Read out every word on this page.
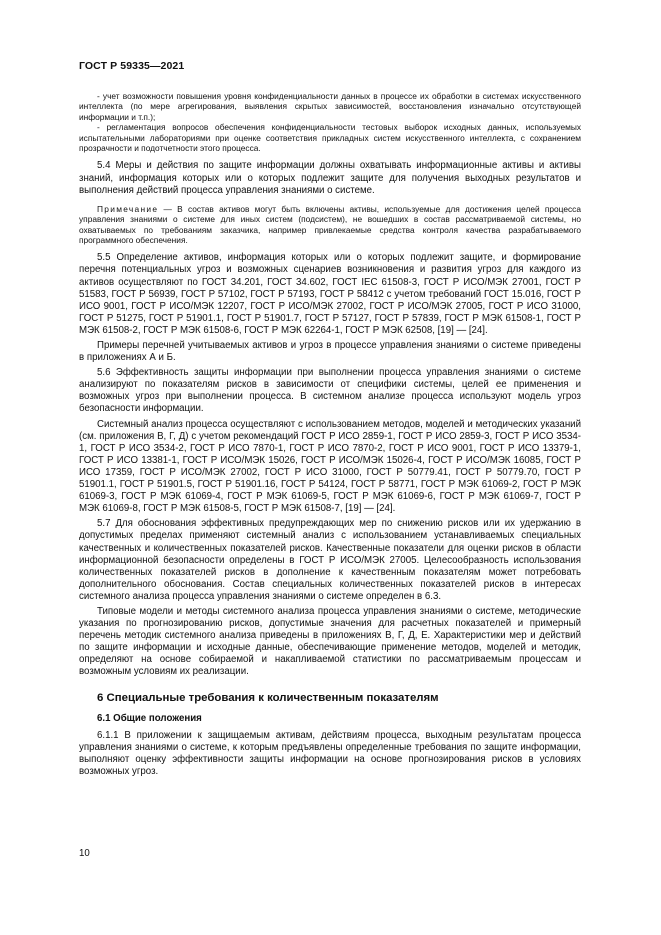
ГОСТ Р 59335—2021

- учет возможности повышения уровня конфиденциальности данных в процессе их обработки в системах искусственного интеллекта (по мере агрегирования, выявления скрытых зависимостей, восстановления изначально отсутствующей информации и т.п.);

- регламентация вопросов обеспечения конфиденциальности тестовых выборок исходных данных, используемых испытательными лабораториями при оценке соответствия прикладных систем искусственного интеллекта, с сохранением прозрачности и подотчетности этого процесса.

5.4 Меры и действия по защите информации должны охватывать информационные активы и активы знаний, информация которых или о которых подлежит защите для получения выходных результатов и выполнения действий процесса управления знаниями о системе.

Примечание — В состав активов могут быть включены активы, используемые для достижения целей процесса управления знаниями о системе для иных систем (подсистем), не вошедших в состав рассматриваемой системы, но охватываемых по требованиям заказчика, например привлекаемые средства контроля качества разрабатываемого программного обеспечения.

5.5 Определение активов, информация которых или о которых подлежит защите, и формирование перечня потенциальных угроз и возможных сценариев возникновения и развития угроз для каждого из активов осуществляют по ГОСТ 34.201, ГОСТ 34.602, ГОСТ IEC 61508-3, ГОСТ Р ИСО/МЭК 27001, ГОСТ Р 51583, ГОСТ Р 56939, ГОСТ Р 57102, ГОСТ Р 57193, ГОСТ Р 58412 с учетом требований ГОСТ 15.016, ГОСТ Р ИСО 9001, ГОСТ Р ИСО/МЭК 12207, ГОСТ Р ИСО/МЭК 27002, ГОСТ Р ИСО/МЭК 27005, ГОСТ Р ИСО 31000, ГОСТ Р 51275, ГОСТ Р 51901.1, ГОСТ Р 51901.7, ГОСТ Р 57127, ГОСТ Р 57839, ГОСТ Р МЭК 61508-1, ГОСТ Р МЭК 61508-2, ГОСТ Р МЭК 61508-6, ГОСТ Р МЭК 62264-1, ГОСТ Р МЭК 62508, [19] — [24].

Примеры перечней учитываемых активов и угроз в процессе управления знаниями о системе приведены в приложениях А и Б.

5.6 Эффективность защиты информации при выполнении процесса управления знаниями о системе анализируют по показателям рисков в зависимости от специфики системы, целей ее применения и возможных угроз при выполнении процесса. В системном анализе процесса используют модель угроз безопасности информации.

Системный анализ процесса осуществляют с использованием методов, моделей и методических указаний (см. приложения В, Г, Д) с учетом рекомендаций ГОСТ Р ИСО 2859-1, ГОСТ Р ИСО 2859-3, ГОСТ Р ИСО 3534-1, ГОСТ Р ИСО 3534-2, ГОСТ Р ИСО 7870-1, ГОСТ Р ИСО 7870-2, ГОСТ Р ИСО 9001, ГОСТ Р ИСО 13379-1, ГОСТ Р ИСО 13381-1, ГОСТ Р ИСО/МЭК 15026, ГОСТ Р ИСО/МЭК 15026-4, ГОСТ Р ИСО/МЭК 16085, ГОСТ Р ИСО 17359, ГОСТ Р ИСО/МЭК 27002, ГОСТ Р ИСО 31000, ГОСТ Р 50779.41, ГОСТ Р 50779.70, ГОСТ Р 51901.1, ГОСТ Р 51901.5, ГОСТ Р 51901.16, ГОСТ Р 54124, ГОСТ Р 58771, ГОСТ Р МЭК 61069-2, ГОСТ Р МЭК 61069-3, ГОСТ Р МЭК 61069-4, ГОСТ Р МЭК 61069-5, ГОСТ Р МЭК 61069-6, ГОСТ Р МЭК 61069-7, ГОСТ Р МЭК 61069-8, ГОСТ Р МЭК 61508-5, ГОСТ Р МЭК 61508-7, [19] — [24].

5.7 Для обоснования эффективных предупреждающих мер по снижению рисков или их удержанию в допустимых пределах применяют системный анализ с использованием устанавливаемых специальных качественных и количественных показателей рисков. Качественные показатели для оценки рисков в области информационной безопасности определены в ГОСТ Р ИСО/МЭК 27005. Целесообразность использования количественных показателей рисков в дополнение к качественным показателям может потребовать дополнительного обоснования. Состав специальных количественных показателей рисков в интересах системного анализа процесса управления знаниями о системе определен в 6.3.

Типовые модели и методы системного анализа процесса управления знаниями о системе, методические указания по прогнозированию рисков, допустимые значения для расчетных показателей и примерный перечень методик системного анализа приведены в приложениях В, Г, Д, Е. Характеристики мер и действий по защите информации и исходные данные, обеспечивающие применение методов, моделей и методик, определяют на основе собираемой и накапливаемой статистики по рассматриваемым процессам и возможным условиям их реализации.

6 Специальные требования к количественным показателям

6.1 Общие положения

6.1.1 В приложении к защищаемым активам, действиям процесса, выходным результатам процесса управления знаниями о системе, к которым предъявлены определенные требования по защите информации, выполняют оценку эффективности защиты информации на основе прогнозирования рисков в условиях возможных угроз.

10
